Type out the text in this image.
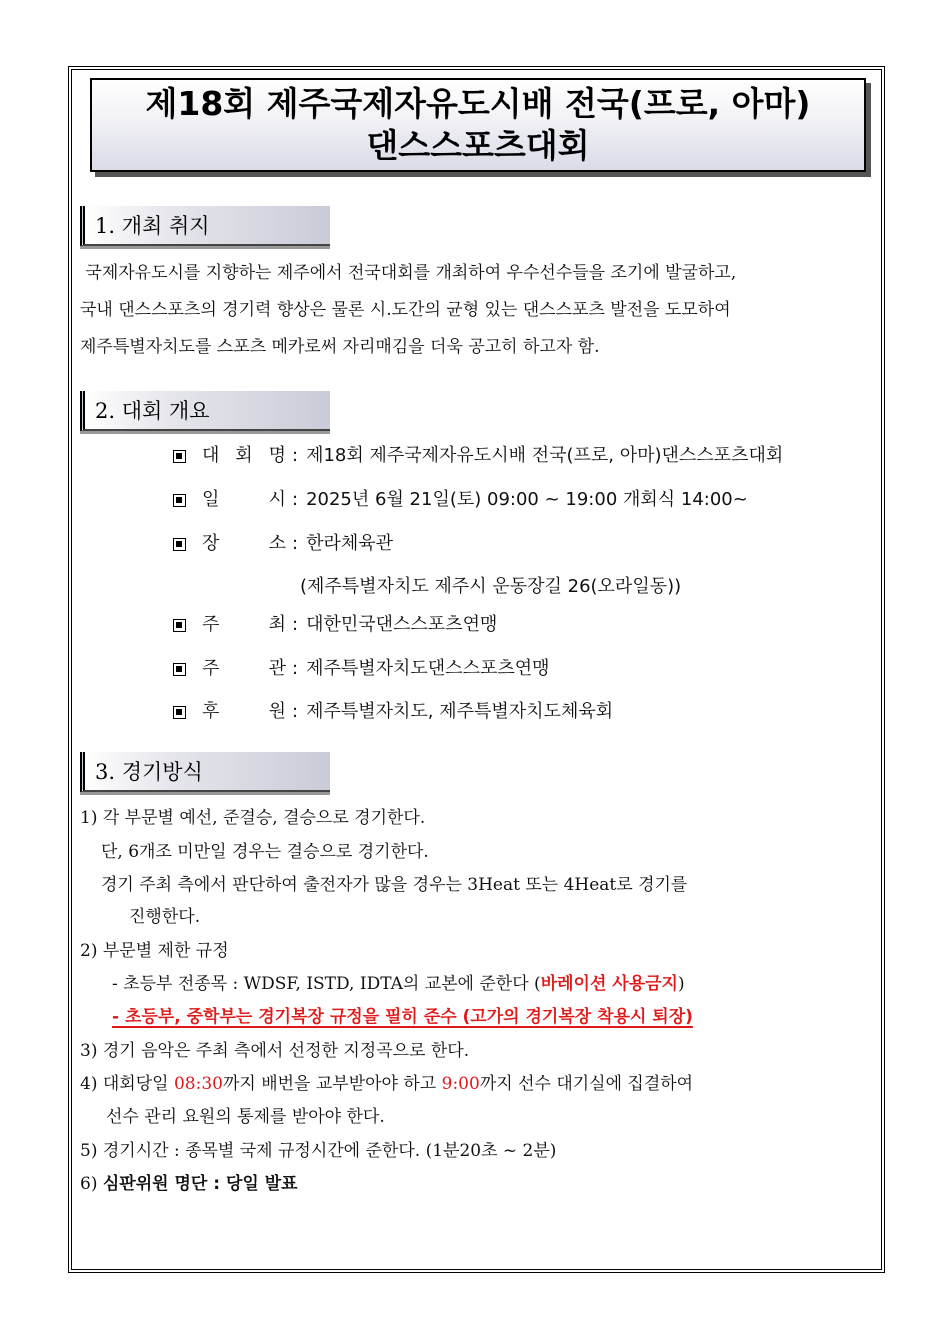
제18회 제주국제자유도시배 전국(프로, 아마)
댄스스포츠대회
1. 개최 취지
국제자유도시를 지향하는 제주에서 전국대회를 개최하여 우수선수들을 조기에 발굴하고,
국내 댄스스포츠의 경기력 향상은 물론 시.도간의 균형 있는 댄스스포츠 발전을 도모하여
제주특별자치도를 스포츠 메카로써 자리매김을 더욱 공고히 하고자 함.
2. 대회 개요
대 회 명 : 제18회 제주국제자유도시배 전국(프로, 아마)댄스스포츠대회
일	시 : 2025년 6월 21일(토) 09:00 ~ 19:00 개회식 14:00~
장	소 : 한라체육관
(제주특별자치도 제주시 운동장길 26(오라일동))
주	최 : 대한민국댄스스포츠연맹
주	관 : 제주특별자치도댄스스포츠연맹
후	원 : 제주특별자치도, 제주특별자치도체육회
3. 경기방식
1) 각 부문별 예선, 준결승, 결승으로 경기한다.
단, 6개조 미만일 경우는 결승으로 경기한다.
경기 주최 측에서 판단하여 출전자가 많을 경우는 3Heat 또는 4Heat로 경기를
진행한다.
2) 부문별 제한 규정
- 초등부 전종목 : WDSF, ISTD, IDTA의 교본에 준한다 (바레이션 사용금지)
- 초등부, 중학부는 경기복장 규정을 필히 준수 (고가의 경기복장 착용시 퇴장)
3) 경기 음악은 주최 측에서 선정한 지정곡으로 한다.
4) 대회당일 08:30까지 배번을 교부받아야 하고 9:00까지 선수 대기실에 집결하여
선수 관리 요원의 통제를 받아야 한다.
5) 경기시간 : 종목별 국제 규정시간에 준한다. (1분20초 ~ 2분)
6) 심판위원 명단 : 당일 발표
